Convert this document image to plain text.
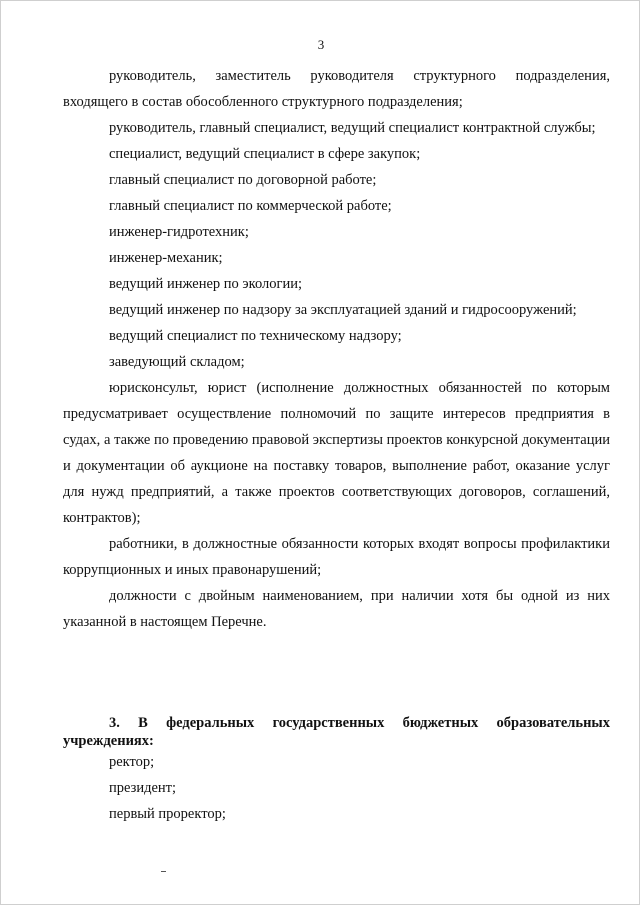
3

руководитель, заместитель руководителя структурного подразделения, входящего в состав обособленного структурного подразделения;

руководитель, главный специалист, ведущий специалист контрактной службы;

специалист, ведущий специалист в сфере закупок;

главный специалист по договорной работе;

главный специалист по коммерческой работе;

инженер-гидротехник;

инженер-механик;

ведущий инженер по экологии;

ведущий инженер по надзору за эксплуатацией зданий и гидросооружений;

ведущий специалист по техническому надзору;

заведующий складом;

юрисконсульт, юрист (исполнение должностных обязанностей по которым предусматривает осуществление полномочий по защите интересов предприятия в судах, а также по проведению правовой экспертизы проектов конкурсной документации и документации об аукционе на поставку товаров, выполнение работ, оказание услуг для нужд предприятий, а также проектов соответствующих договоров, соглашений, контрактов);

работники, в должностные обязанности которых входят вопросы профилактики коррупционных и иных правонарушений;

должности с двойным наименованием, при наличии хотя бы одной из них указанной в настоящем Перечне.

3. В федеральных государственных бюджетных образовательных учреждениях:

ректор;

президент;

первый проректор;
